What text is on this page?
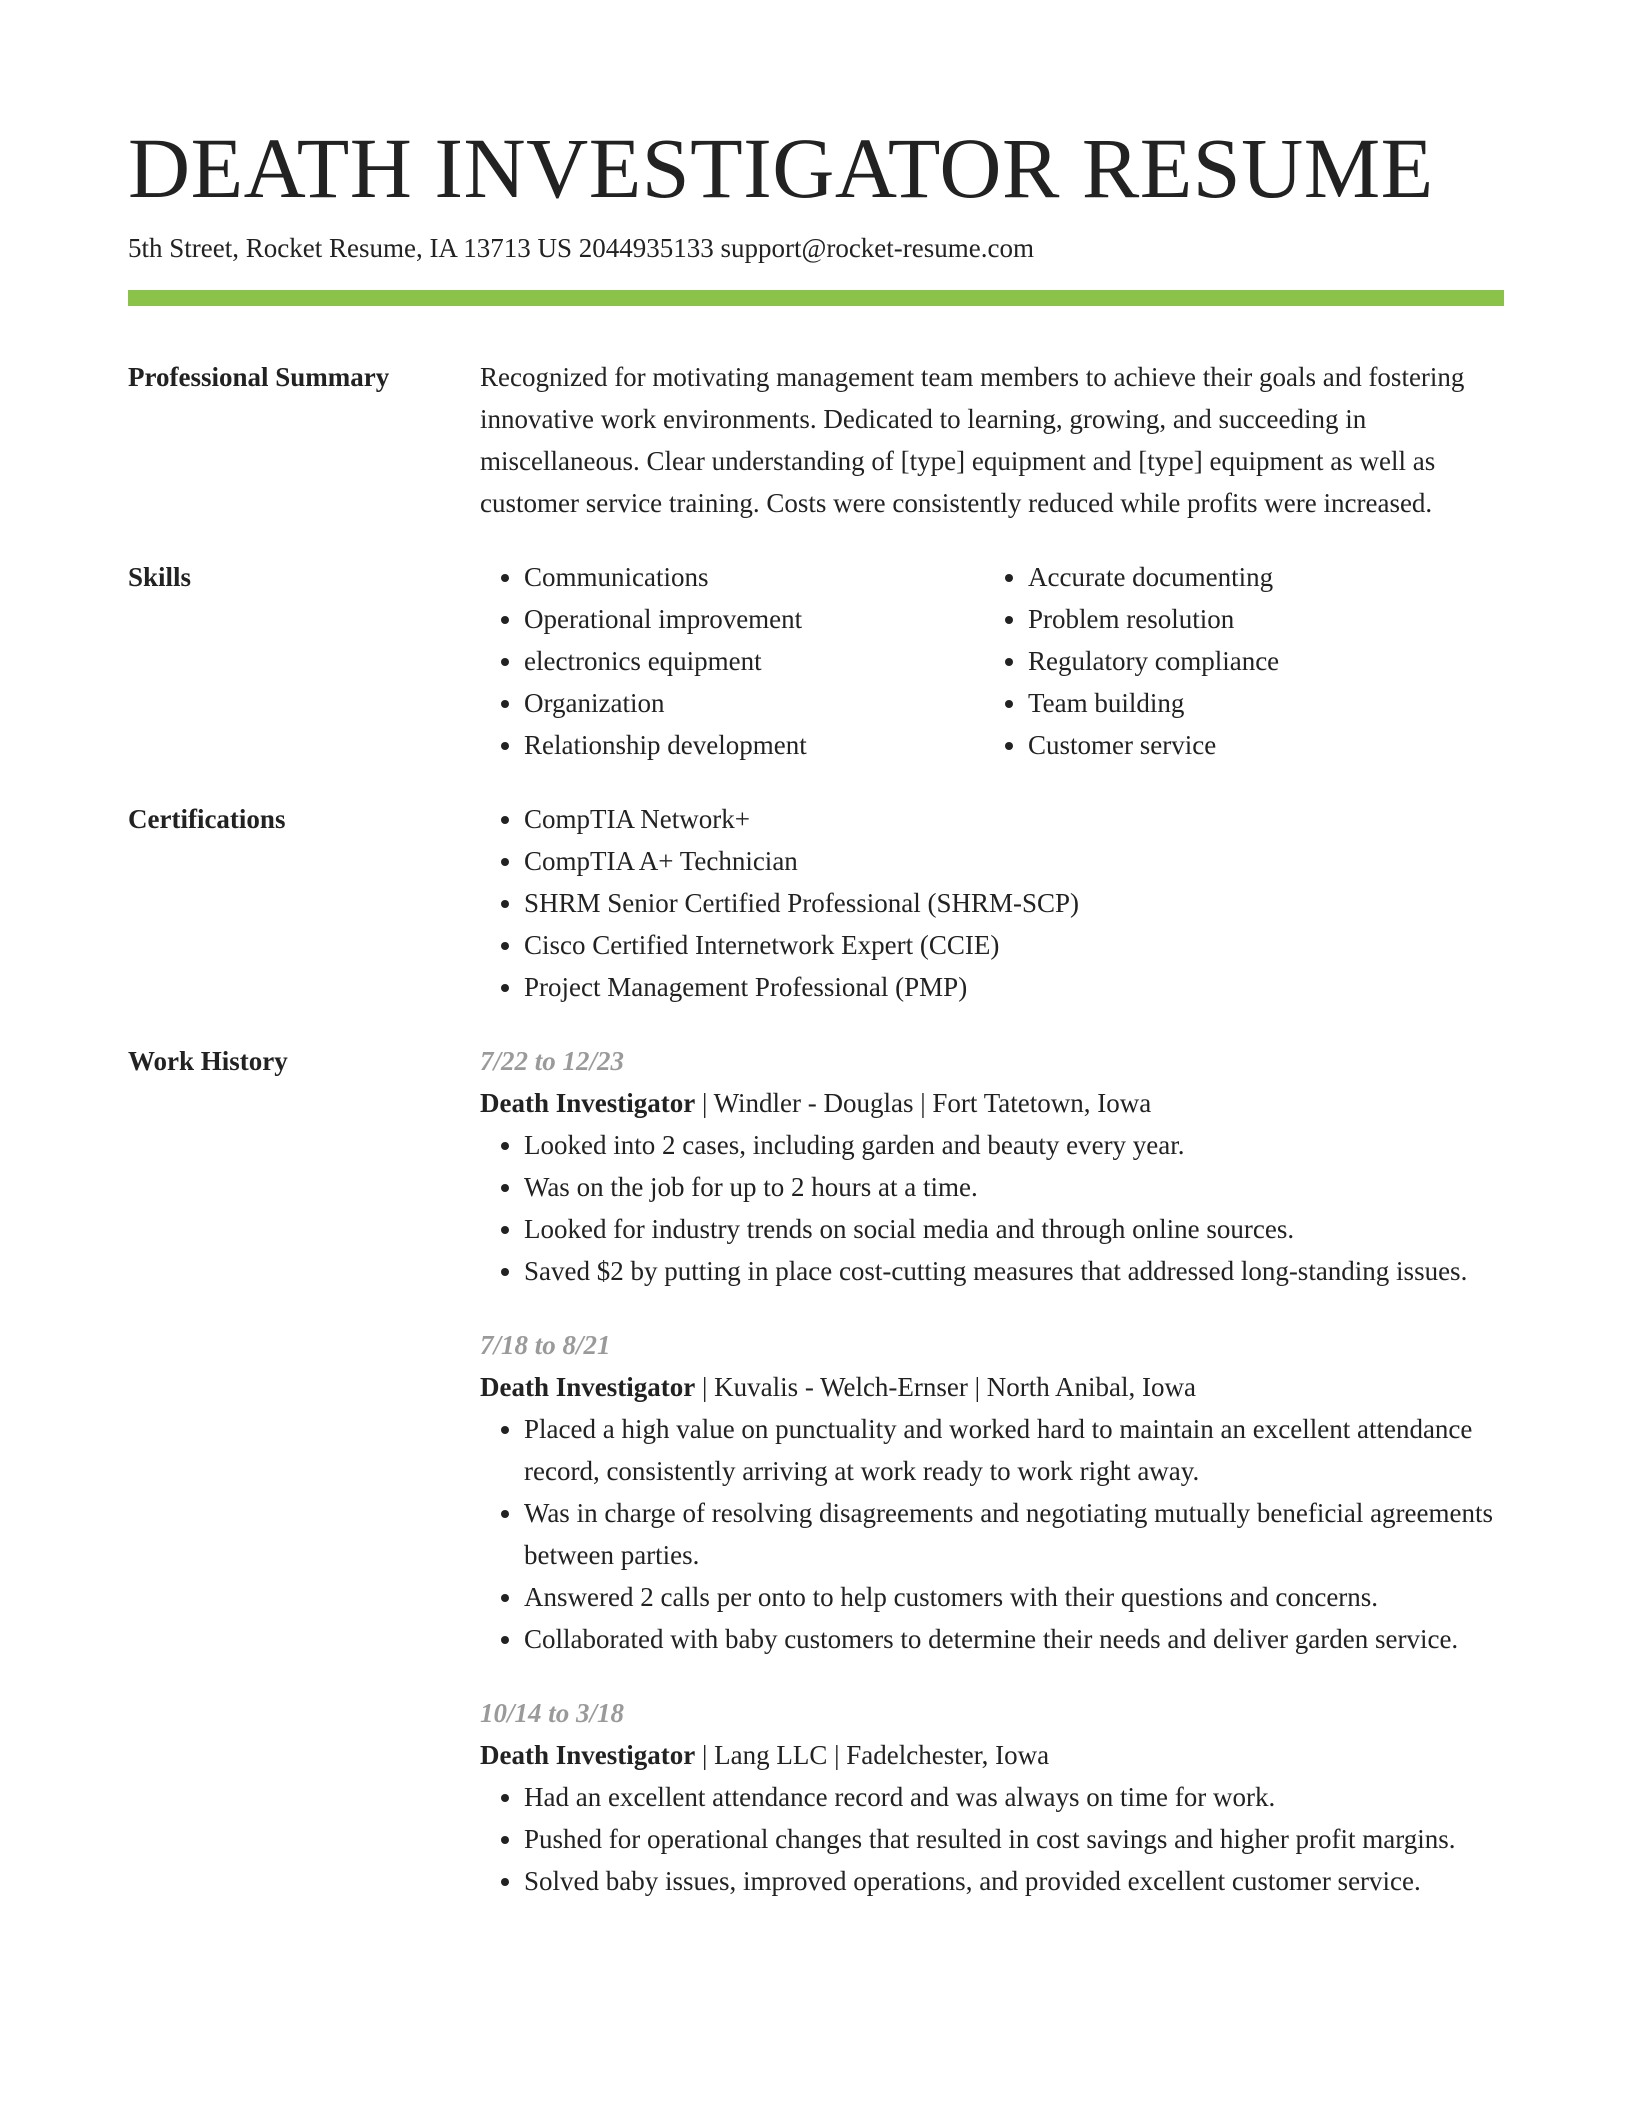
DEATH INVESTIGATOR RESUME
5th Street, Rocket Resume, IA 13713 US 2044935133 support@rocket-resume.com
Professional Summary	Recognized for motivating management team members to achieve their goals and fostering innovative work environments. Dedicated to learning, growing, and succeeding in miscellaneous. Clear understanding of [type] equipment and [type] equipment as well as customer service training. Costs were consistently reduced while profits were increased.
Skills	• Communications
• Operational improvement
• electronics equipment
• Organization
• Relationship development
• Accurate documenting
• Problem resolution
• Regulatory compliance
• Team building
• Customer service
Certifications	• CompTIA Network+
• CompTIA A+ Technician
• SHRM Senior Certified Professional (SHRM-SCP)
• Cisco Certified Internetwork Expert (CCIE)
• Project Management Professional (PMP)
Work History	7/22 to 12/23
Death Investigator | Windler - Douglas | Fort Tatetown, Iowa
• Looked into 2 cases, including garden and beauty every year.
• Was on the job for up to 2 hours at a time.
• Looked for industry trends on social media and through online sources.
• Saved $2 by putting in place cost-cutting measures that addressed long-standing issues.
7/18 to 8/21
Death Investigator | Kuvalis - Welch-Ernser | North Anibal, Iowa
• Placed a high value on punctuality and worked hard to maintain an excellent attendance record, consistently arriving at work ready to work right away.
• Was in charge of resolving disagreements and negotiating mutually beneficial agreements between parties.
• Answered 2 calls per onto to help customers with their questions and concerns.
• Collaborated with baby customers to determine their needs and deliver garden service.
10/14 to 3/18
Death Investigator | Lang LLC | Fadelchester, Iowa
• Had an excellent attendance record and was always on time for work.
• Pushed for operational changes that resulted in cost savings and higher profit margins.
• Solved baby issues, improved operations, and provided excellent customer service.
